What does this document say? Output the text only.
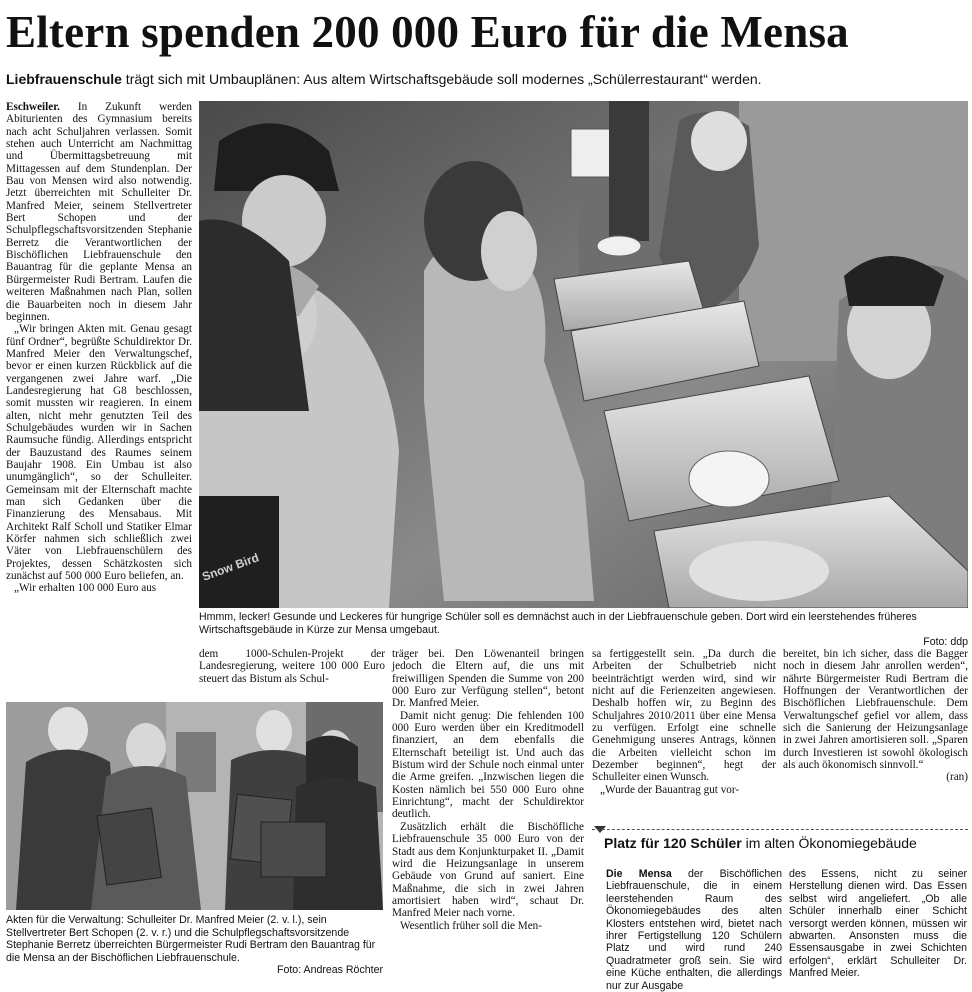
Eltern spenden 200 000 Euro für die Mensa
Liebfrauenschule trägt sich mit Umbauplänen: Aus altem Wirtschaftsgebäude soll modernes „Schülerrestaurant“ werden.

Eschweiler. In Zukunft werden Abiturienten des Gymnasium bereits nach acht Schuljahren verlassen. Somit stehen auch Unterricht am Nachmittag und Übermittagsbetreuung mit Mittagessen auf dem Stundenplan. Der Bau von Mensen wird also notwendig. Jetzt überreichten mit Schulleiter Dr. Manfred Meier, seinem Stellvertreter Bert Schopen und der Schulpflegschaftsvorsitzenden Stephanie Berretz die Verantwortlichen der Bischöflichen Liebfrauenschule den Bauantrag für die geplante Mensa an Bürgermeister Rudi Bertram. Laufen die weiteren Maßnahmen nach Plan, sollen die Bauarbeiten noch in diesem Jahr beginnen.

„Wir bringen Akten mit. Genau gesagt fünf Ordner“, begrüßte Schuldirektor Dr. Manfred Meier den Verwaltungschef, bevor er einen kurzen Rückblick auf die vergangenen zwei Jahre warf. „Die Landesregierung hat G8 beschlossen, somit mussten wir reagieren. In einem alten, nicht mehr genutzten Teil des Schulgebäudes wurden wir in Sachen Raumsuche fündig. Allerdings entspricht der Bauzustand des Raumes seinem Baujahr 1908. Ein Umbau ist also unumgänglich“, so der Schulleiter. Gemeinsam mit der Elternschaft machte man sich Gedanken über die Finanzierung des Mensabaus. Mit Architekt Ralf Scholl und Statiker Elmar Körfer nahmen sich schließlich zwei Väter von Liebfrauenschülern des Projektes, dessen Schätzkosten sich zunächst auf 500 000 Euro beliefen, an.

„Wir erhalten 100 000 Euro aus

Snow Bird
Hmmm, lecker! Gesunde und Leckeres für hungrige Schüler soll es demnächst auch in der Liebfrauenschule geben. Dort wird ein leerstehendes früheres Wirtschaftsgebäude in Kürze zur Mensa umgebaut.
Foto: ddp

dem 1000-Schulen-Projekt der Landesregierung, weitere 100 000 Euro steuert das Bistum als Schul-

träger bei. Den Löwenanteil bringen jedoch die Eltern auf, die uns mit freiwilligen Spenden die Summe von 200 000 Euro zur Verfügung stellen“, betont Dr. Manfred Meier.

Damit nicht genug: Die fehlenden 100 000 Euro werden über ein Kreditmodell finanziert, an dem ebenfalls die Elternschaft beteiligt ist. Und auch das Bistum wird der Schule noch einmal unter die Arme greifen. „Inzwischen liegen die Kosten nämlich bei 550 000 Euro ohne Einrichtung“, macht der Schuldirektor deutlich.

Zusätzlich erhält die Bischöfliche Liebfrauenschule 35 000 Euro von der Stadt aus dem Konjunkturpaket II. „Damit wird die Heizungsanlage in unserem Gebäude von Grund auf saniert. Eine Maßnahme, die sich in zwei Jahren amortisiert haben wird“, schaut Dr. Manfred Meier nach vorne.

Wesentlich früher soll die Men-

sa fertiggestellt sein. „Da durch die Arbeiten der Schulbetrieb nicht beeinträchtigt werden wird, sind wir nicht auf die Ferienzeiten angewiesen. Deshalb hoffen wir, zu Beginn des Schuljahres 2010/2011 über eine Mensa zu verfügen. Erfolgt eine schnelle Genehmigung unseres Antrags, können die Arbeiten vielleicht schon im Dezember beginnen“, hegt der Schulleiter einen Wunsch.

„Wurde der Bauantrag gut vor-

bereitet, bin ich sicher, dass die Bagger noch in diesem Jahr anrollen werden“, nährte Bürgermeister Rudi Bertram die Hoffnungen der Verantwortlichen der Bischöflichen Liebfrauenschule. Dem Verwaltungschef gefiel vor allem, dass sich die Sanierung der Heizungsanlage in zwei Jahren amortisieren soll. „Sparen durch Investieren ist sowohl ökologisch als auch ökonomisch sinnvoll.“

(ran)
Akten für die Verwaltung: Schulleiter Dr. Manfred Meier (2. v. l.), sein Stellvertreter Bert Schopen (2. v. r.) und die Schulpflegschaftsvorsitzende Stephanie Berretz überreichten Bürgermeister Rudi Bertram den Bauantrag für die Mensa an der Bischöflichen Liebfrauenschule.
Foto: Andreas Röchter
Platz für 120 Schüler im alten Ökonomiegebäude

Die Mensa der Bischöflichen Liebfrauenschule, die in einem leerstehenden Raum des Ökonomiegebäudes des alten Klosters entstehen wird, bietet nach ihrer Fertigstellung 120 Schülern Platz und wird rund 240 Quadratmeter groß sein. Sie wird eine Küche enthalten, die allerdings nur zur Ausgabe

des Essens, nicht zu seiner Herstellung dienen wird. Das Essen selbst wird angeliefert. „Ob alle Schüler innerhalb einer Schicht versorgt werden können, müssen wir abwarten. Ansonsten muss die Essensausgabe in zwei Schichten erfolgen“, erklärt Schulleiter Dr. Manfred Meier.
